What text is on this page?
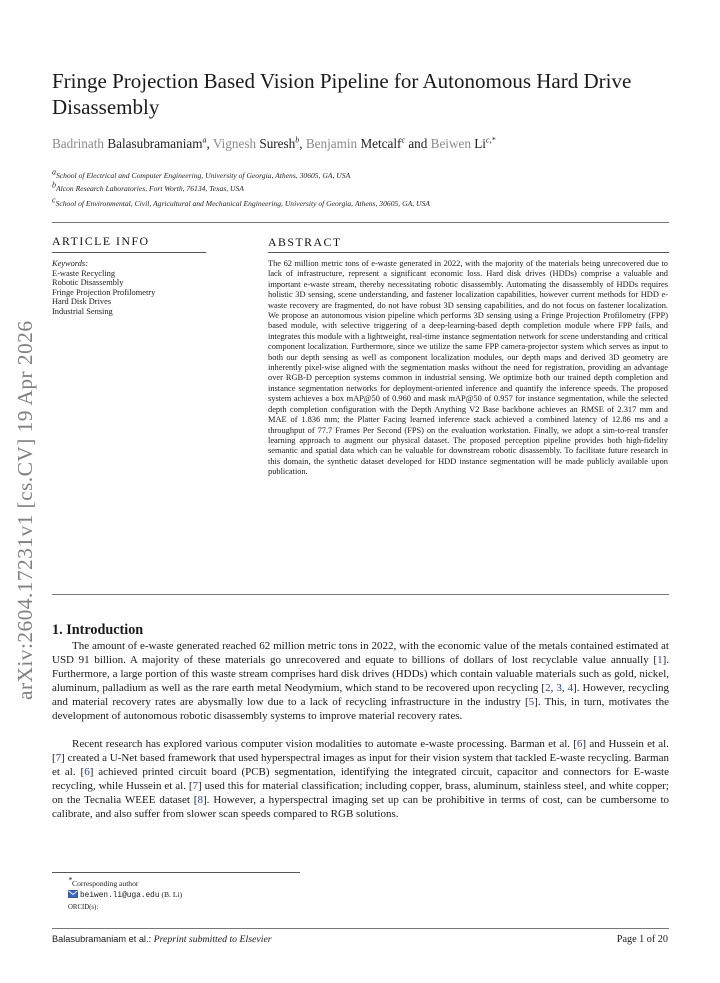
arXiv:2604.17231v1 [cs.CV] 19 Apr 2026
Fringe Projection Based Vision Pipeline for Autonomous Hard Drive Disassembly
Badrinath Balasubramaniam$^a$, Vignesh Suresh$^b$, Benjamin Metcalf$^c$ and Beiwen $Li^{c,*}$
$^a$School of Electrical and Computer Engineering, University of Georgia, Athens, 30605, GA, USA
$^b$Alcon Research Laboratories, Fort Worth, 76134, Texas, USA
$^c$School of Environmental, Civil, Agricultural and Mechanical Engineering, University of Georgia, Athens, 30605, GA, USA
ARTICLE INFO
Keywords:
E-waste Recycling
Robotic Disassembly
Fringe Projection Profilometry
Hard Disk Drives
Industrial Sensing
ABSTRACT
The 62 million metric tons of e-waste generated in 2022, with the majority of the materials being unrecovered due to lack of infrastructure, represent a significant economic loss. Hard disk drives (HDDs) comprise a valuable and important e-waste stream, thereby necessitating robotic disassembly. Automating the disassembly of HDDs requires holistic 3D sensing, scene understanding, and fastener localization capabilities, however current methods for HDD e-waste recovery are fragmented, do not have robust 3D sensing capabilities, and do not focus on fastener localization. We propose an autonomous vision pipeline which performs 3D sensing using a Fringe Projection Profilometry (FPP) based module, with selective triggering of a deep-learning-based depth completion module where FPP fails, and integrates this module with a lightweight, real-time instance segmentation network for scene understanding and critical component localization. Furthermore, since we utilize the same FPP camera-projector system which serves as input to both our depth sensing as well as component localization modules, our depth maps and derived 3D geometry are inherently pixel-wise aligned with the segmentation masks without the need for registration, providing an advantage over RGB-D perception systems common in industrial sensing. We optimize both our trained depth completion and instance segmentation networks for deployment-oriented inference and quantify the inference speeds. The proposed system achieves a box mAP@50 of 0.960 and mask mAP@50 of 0.957 for instance segmentation, while the selected depth completion configuration with the Depth Anything V2 Base backbone achieves an RMSE of 2.317 mm and MAE of 1.836 mm; the Platter Facing learned inference stack achieved a combined latency of 12.86 ms and a throughput of 77.7 Frames Per Second (FPS) on the evaluation workstation. Finally, we adopt a sim-to-real transfer learning approach to augment our physical dataset. The proposed perception pipeline provides both high-fidelity semantic and spatial data which can be valuable for downstream robotic disassembly. To facilitate future research in this domain, the synthetic dataset developed for HDD instance segmentation will be made publicly available upon publication.
1. Introduction
The amount of e-waste generated reached 62 million metric tons in 2022, with the economic value of the metals contained estimated at USD 91 billion. A majority of these materials go unrecovered and equate to billions of dollars of lost recyclable value annually [1]. Furthermore, a large portion of this waste stream comprises hard disk drives (HDDs) which contain valuable materials such as gold, nickel, aluminum, palladium as well as the rare earth metal Neodymium, which stand to be recovered upon recycling [2, 3, 4]. However, recycling and material recovery rates are abysmally low due to a lack of recycling infrastructure in the industry [5]. This, in turn, motivates the development of autonomous robotic disassembly systems to improve material recovery rates.
Recent research has explored various computer vision modalities to automate e-waste processing. Barman et al. [6] and Hussein et al. [7] created a U-Net based framework that used hyperspectral images as input for their vision system that tackled E-waste recycling. Barman et al. [6] achieved printed circuit board (PCB) segmentation, identifying the integrated circuit, capacitor and connectors for E-waste recycling, while Hussein et al. [7] used this for material classification; including copper, brass, aluminum, stainless steel, and white copper; on the Tecnalia WEEE dataset [8]. However, a hyperspectral imaging set up can be prohibitive in terms of cost, can be cumbersome to calibrate, and also suffer from slower scan speeds compared to RGB solutions.
*Corresponding author
beiwen.li@uga.edu (B. Li)
ORCID(s):
Balasubramaniam et al.: Preprint submitted to Elsevier	Page 1 of 20
